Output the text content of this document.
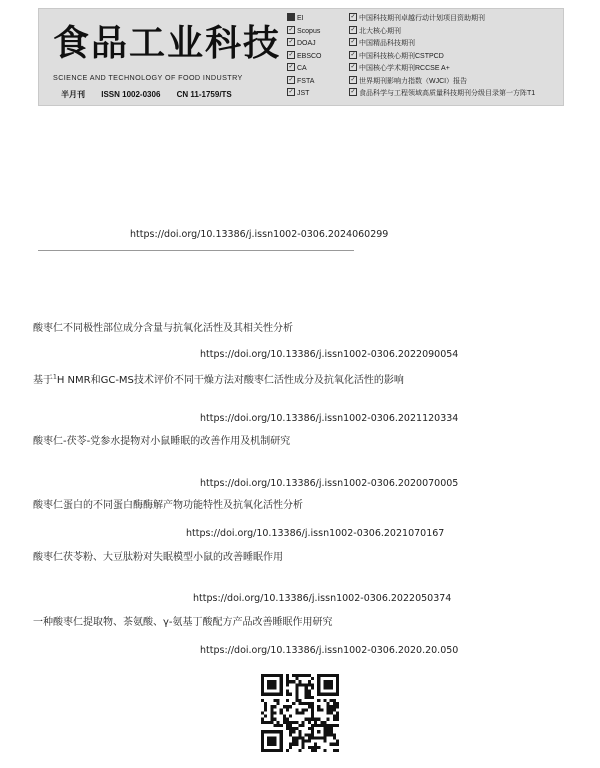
食品工业科技
SCIENCE AND TECHNOLOGY OF FOOD INDUSTRY
半月刊 ISSN 1002-0306 CN 11-1759/TS
EI
✓ Scopus
✓ DOAJ
✓ EBSCO
✓ CA
✓ FSTA
✓ JST
✓ 中国科技期刊卓越行动计划项目资助期刊
✓ 北大核心期刊
✓ 中国精品科技期刊
✓ 中国科技核心期刊CSTPCD
✓ 中国核心学术期刊RCCSE A+
✓ 世界期刊影响力指数（WJCI）报告
✓ 食品科学与工程领域高质量科技期刊分级目录第一方阵T1
https://doi.org/10.13386/j.issn1002-0306.2024060299
酸枣仁不同极性部位成分含量与抗氧化活性及其相关性分析
https://doi.org/10.13386/j.issn1002-0306.2022090054
基于$^1$H NMR和GC-MS技术评价不同干燥方法对酸枣仁活性成分及抗氧化活性的影响
https://doi.org/10.13386/j.issn1002-0306.2021120334
酸枣仁-茯苓-党参水提物对小鼠睡眠的改善作用及机制研究
https://doi.org/10.13386/j.issn1002-0306.2020070005
酸枣仁蛋白的不同蛋白酶酶解产物功能特性及抗氧化活性分析
https://doi.org/10.13386/j.issn1002-0306.2021070167
酸枣仁茯苓粉、大豆肽粉对失眠模型小鼠的改善睡眠作用
https://doi.org/10.13386/j.issn1002-0306.2022050374
一种酸枣仁提取物、茶氨酸、γ-氨基丁酸配方产品改善睡眠作用研究
https://doi.org/10.13386/j.issn1002-0306.2020.20.050
